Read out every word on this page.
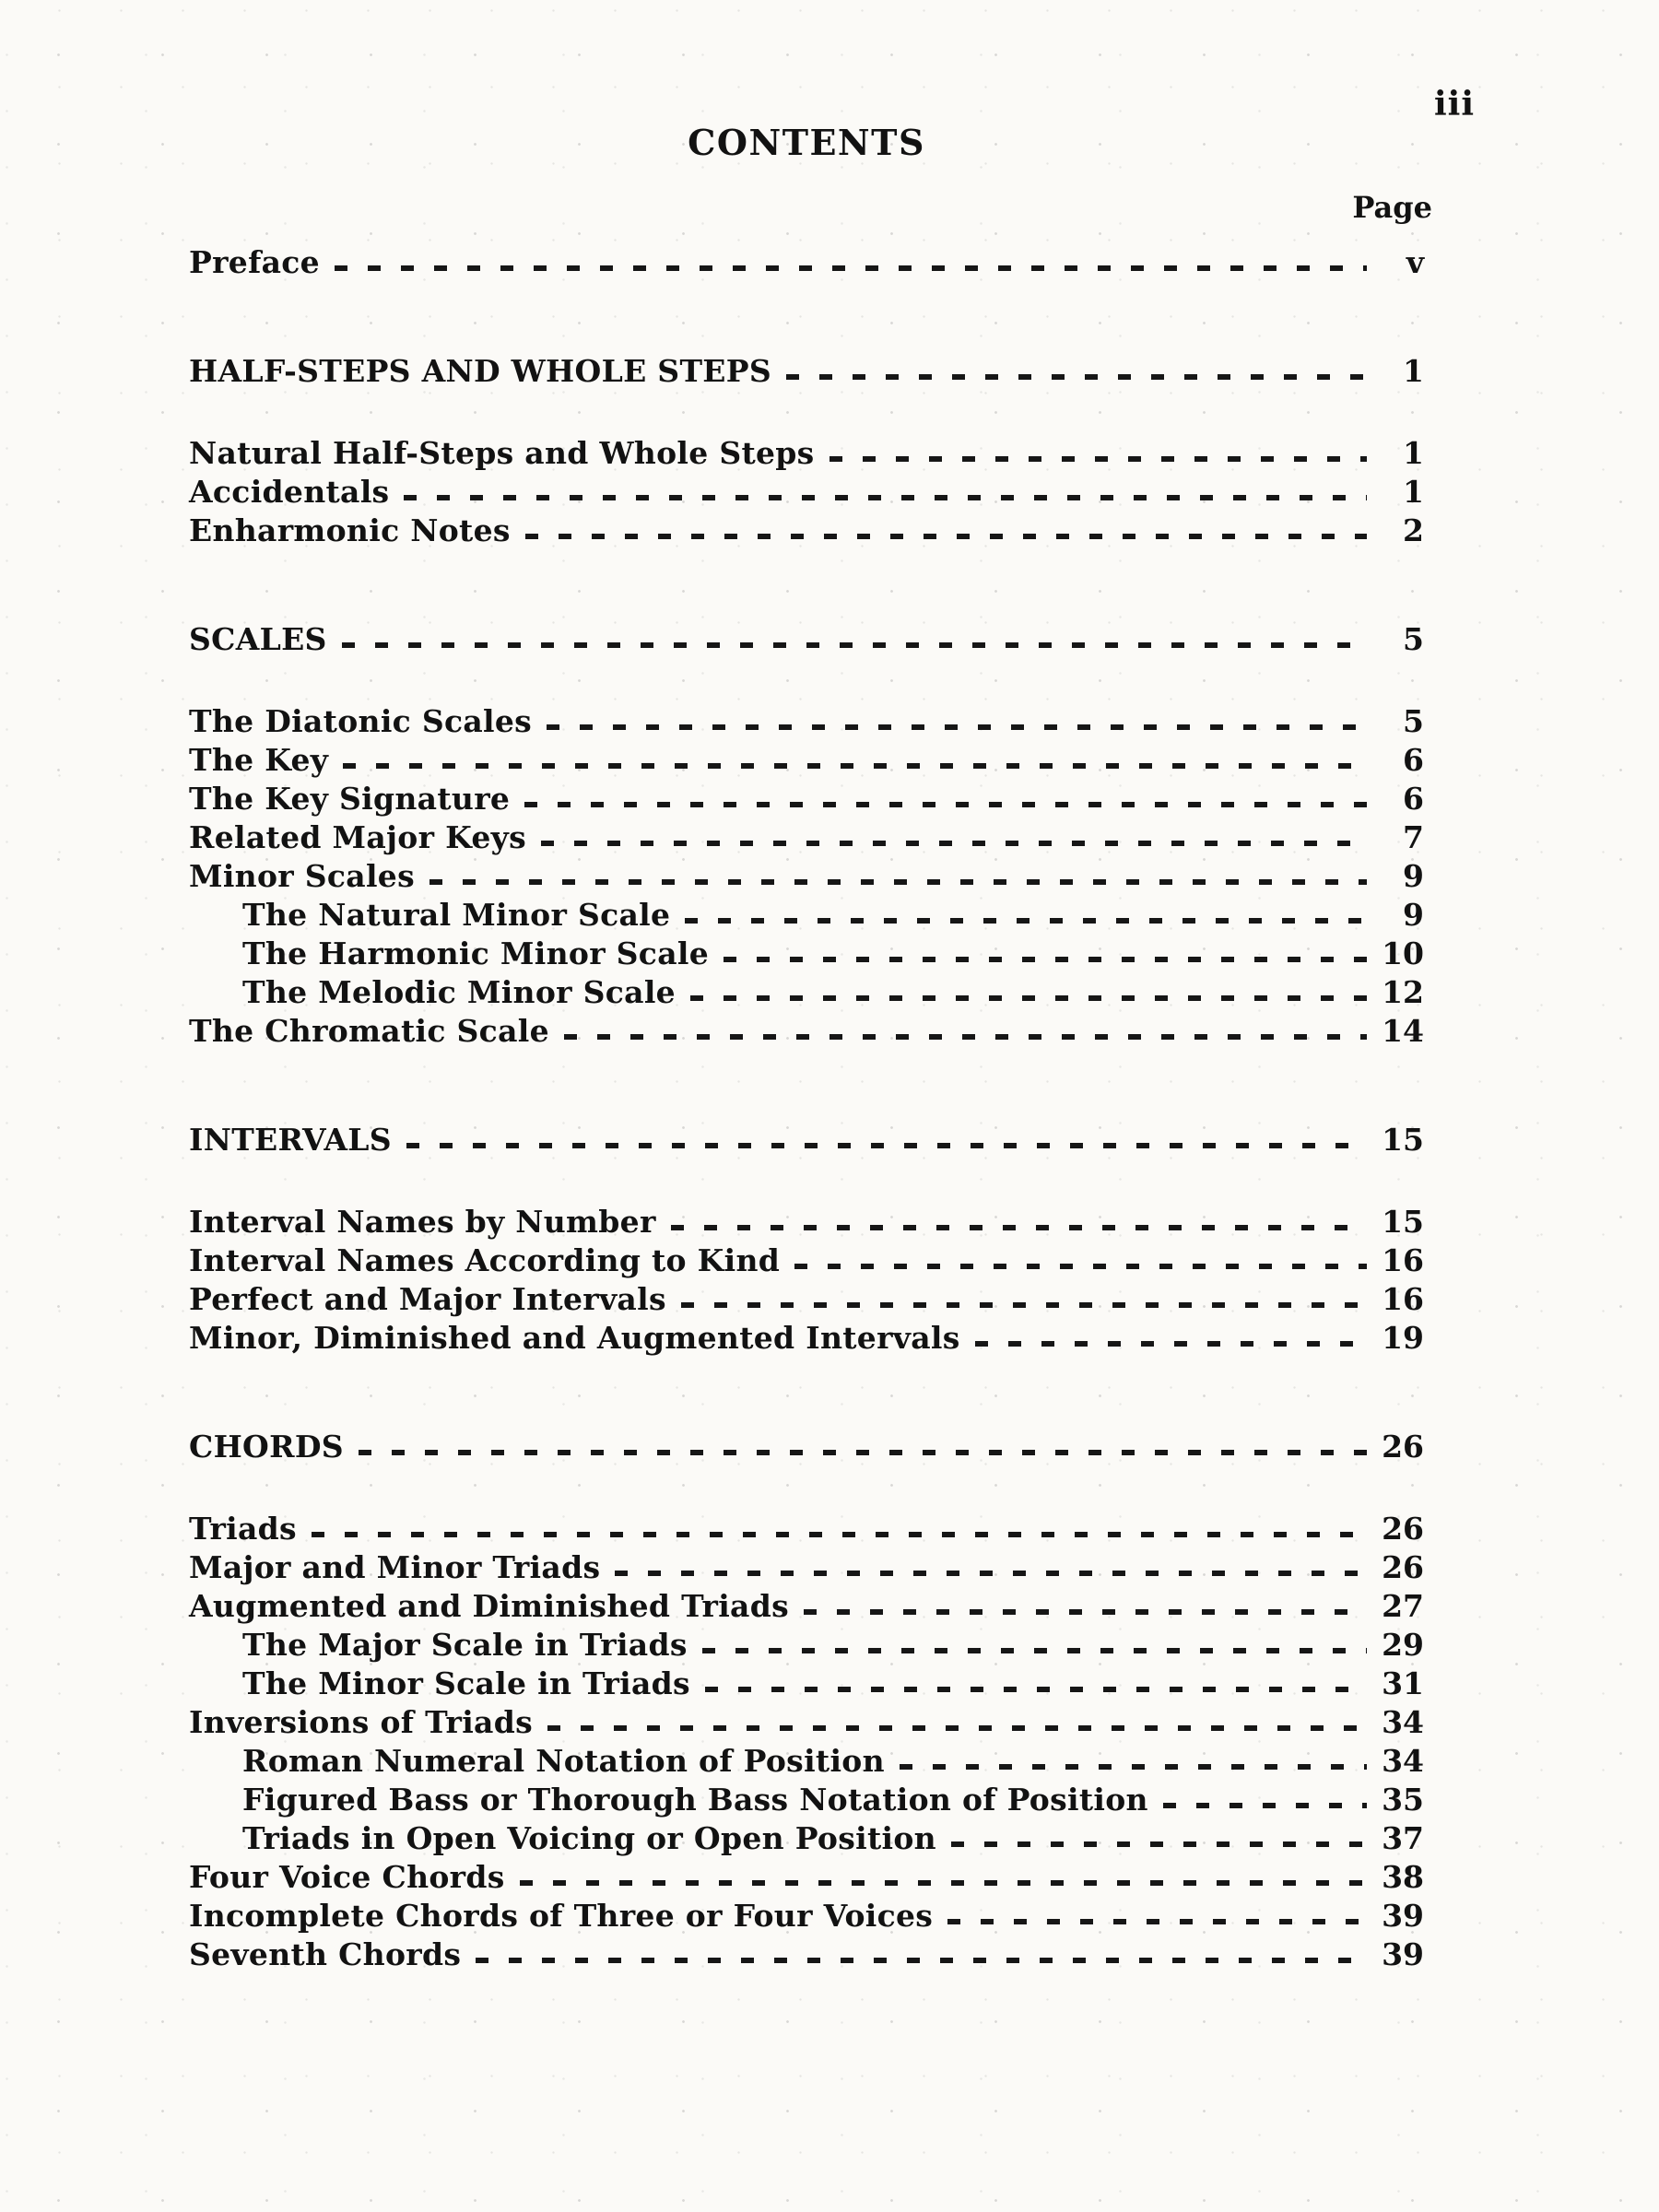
iii
CONTENTS
Page
Preface	v
HALF-STEPS AND WHOLE STEPS	1
Natural Half-Steps and Whole Steps	1
Accidentals	1
Enharmonic Notes	2
SCALES	5
The Diatonic Scales	5
The Key	6
The Key Signature	6
Related Major Keys	7
Minor Scales	9
The Natural Minor Scale	9
The Harmonic Minor Scale	10
The Melodic Minor Scale	12
The Chromatic Scale	14
INTERVALS	15
Interval Names by Number	15
Interval Names According to Kind	16
Perfect and Major Intervals	16
Minor, Diminished and Augmented Intervals	19
CHORDS	26
Triads	26
Major and Minor Triads	26
Augmented and Diminished Triads	27
The Major Scale in Triads	29
The Minor Scale in Triads	31
Inversions of Triads	34
Roman Numeral Notation of Position	34
Figured Bass or Thorough Bass Notation of Position	35
Triads in Open Voicing or Open Position	37
Four Voice Chords	38
Incomplete Chords of Three or Four Voices	39
Seventh Chords	39
